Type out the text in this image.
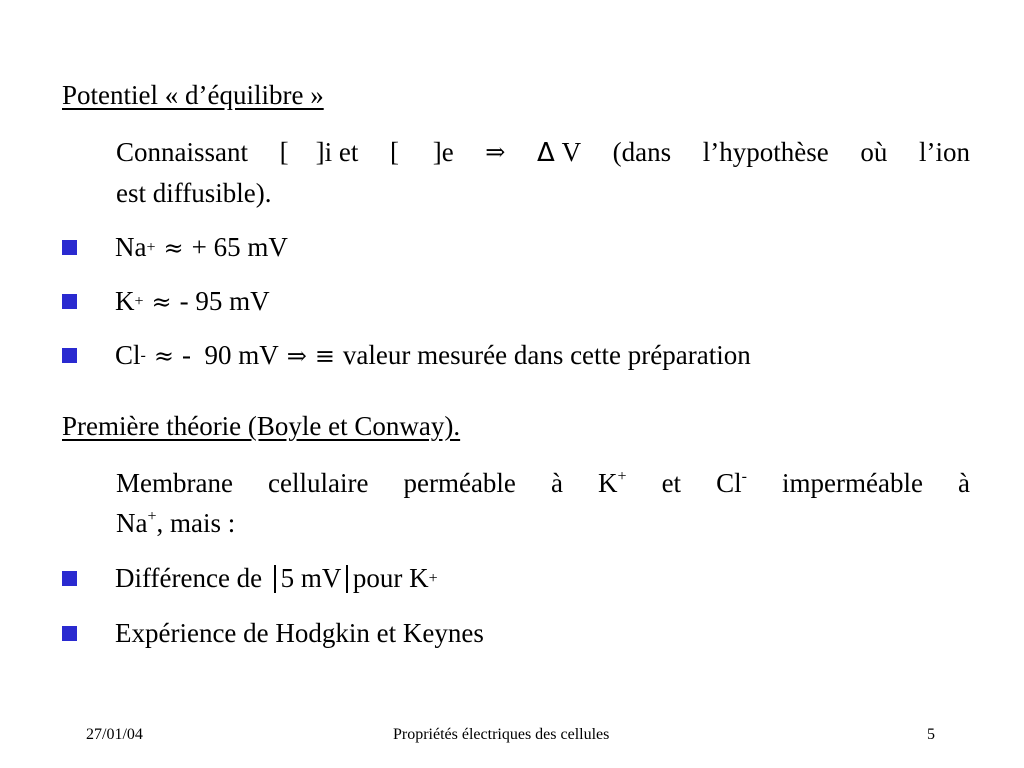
Potentiel « d’équilibre »
Connaissant [ ]i et [ ]e ⇒ Δ V (dans l’hypothèse où l’ion
est diffusible).
Na + ≈ + 65 mV
K + ≈ - 95 mV
Cl - ≈ -  90 mV ⇒ ≡ valeur mesurée dans cette préparation
Première théorie (Boyle et Conway).
Membrane cellulaire perméable à K+ et Cl- imperméable à
Na+, mais :
Différence de 5 mV pour K +
Expérience de Hodgkin et Keynes
27/01/04	Propriétés électriques des cellules	5
